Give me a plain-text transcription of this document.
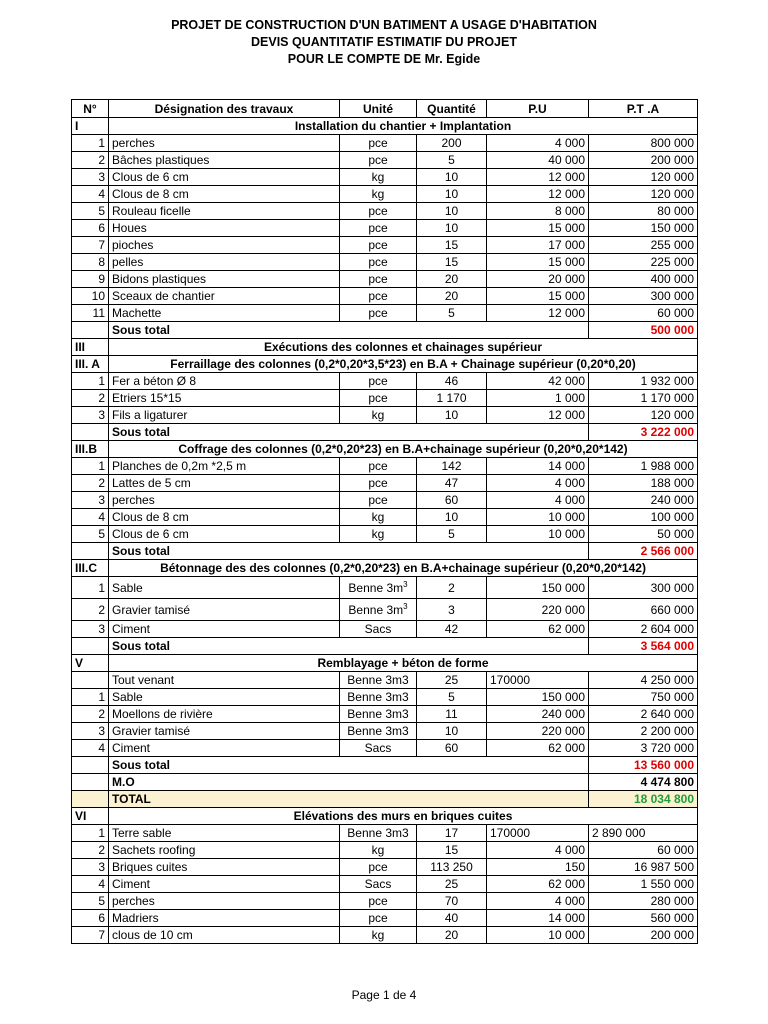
PROJET DE CONSTRUCTION D'UN BATIMENT A USAGE D'HABITATION
DEVIS QUANTITATIF ESTIMATIF DU PROJET
POUR LE COMPTE DE Mr. Egide
N°	Désignation des travaux	Unité	Quantité	P.U	P.T .A
I	Installation du chantier + Implantation				
1	perches	pce	200	4 000	800 000
2	Bâches plastiques	pce	5	40 000	200 000
3	Clous de 6 cm	kg	10	12 000	120 000
4	Clous de 8 cm	kg	10	12 000	120 000
5	Rouleau ficelle	pce	10	8 000	80 000
6	Houes	pce	10	15 000	150 000
7	pioches	pce	15	17 000	255 000
8	pelles	pce	15	15 000	225 000
9	Bidons plastiques	pce	20	20 000	400 000
10	Sceaux de chantier	pce	20	15 000	300 000
11	Machette	pce	5	12 000	60 000
	Sous total				500 000
III	Exécutions des colonnes et chainages supérieur				
III. A	Ferraillage des colonnes (0,2*0,20*3,5*23) en B.A + Chainage supérieur (0,20*0,20)				
1	Fer a béton Ø 8	pce	46	42 000	1 932 000
2	Etriers 15*15	pce	1 170	1 000	1 170 000
3	Fils a ligaturer	kg	10	12 000	120 000
	Sous total				3 222 000
III.B	Coffrage des colonnes (0,2*0,20*23) en B.A+chainage supérieur (0,20*0,20*142)				
1	Planches de 0,2m *2,5 m	pce	142	14 000	1 988 000
2	Lattes de 5 cm	pce	47	4 000	188 000
3	perches	pce	60	4 000	240 000
4	Clous de 8 cm	kg	10	10 000	100 000
5	Clous de 6 cm	kg	5	10 000	50 000
	Sous total				2 566 000
III.C	Bétonnage des des colonnes (0,2*0,20*23) en B.A+chainage supérieur (0,20*0,20*142)				
1	Sable	Benne $3m^3$	2	150 000	300 000
2	Gravier tamisé	Benne $3m^3$	3	220 000	660 000
3	Ciment	Sacs	42	62 000	2 604 000
	Sous total				3 564 000
V	Remblayage + béton de forme				
	Tout venant	Benne 3m3	25	170000	4 250 000
1	Sable	Benne 3m3	5	150 000	750 000
2	Moellons de rivière	Benne 3m3	11	240 000	2 640 000
3	Gravier tamisé	Benne 3m3	10	220 000	2 200 000
4	Ciment	Sacs	60	62 000	3 720 000
	Sous total				13 560 000
	M.O				4 474 800
	TOTAL				18 034 800
VI	Elévations des murs en briques cuites				
1	Terre sable	Benne 3m3	17	170000	2 890 000
2	Sachets roofing	kg	15	4 000	60 000
3	Briques cuites	pce	113 250	150	16 987 500
4	Ciment	Sacs	25	62 000	1 550 000
5	perches	pce	70	4 000	280 000
6	Madriers	pce	40	14 000	560 000
7	clous de 10 cm	kg	20	10 000	200 000
Page 1 de 4
